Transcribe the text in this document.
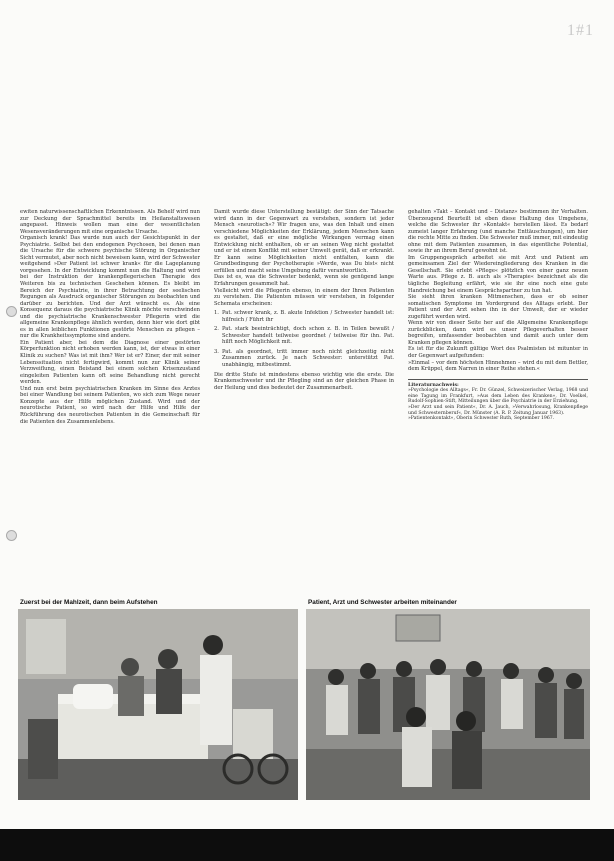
1#1

ewiten naturwissenschaftlichen Erkenntnissen. Als Behelf wird nun zur Deckung der Sprachmittel bereits im Heilanstaltswesen angepasst. Hinweis wollen man eine der wesentlichsten Wesensveränderungen mit eine organische Ursache.

Organisch krank! Das wurde nun auch der Gesichtspunkt in der Psychiatrie. Selbst bei den endogenen Psychosen, bei denen man die Ursache für die schwere psychische Störung in Organischer Sicht vermutet, aber noch nicht beweisen kann, wird der Schwester weitgehend »Der Patient ist schwer krank« für die Lageplanung vorgesehen. In der Entwicklung kommt nun die Haltung und wird bei der Instruktion der krankenpflegerischen Therapie des Weiteren bis zu technischen Geschehen können. Es bleibt im Bereich der Psychiatrie, in ihrer Betrachtung der seelischen Regungen als Ausdruck organischer Störungen zu beobachten und darüber zu berichten. Und der Arzt wünscht es. Als eine Konsequenz daraus die psychiatrische Klinik möchte verschwinden und die psychiatrische Krankenschwester Pflegerin wird die allgemeine Krankenpflege ähnlich werden, denn hier wie dort gibt es in allen leiblichen Funktionen gestörte Menschen zu pflegen – nur die Krankheitssymptome sind andere.

Ein Patient aber, bei dem die Diagnose einer gestörten Körperfunktion nicht erhoben werden kann, ist, der etwas in einer Klinik zu suchen? Was ist mit ihm? Wer ist er? Einer, der mit seiner Lebenssituation nicht fertigwird, kommt nun zur Klinik seiner Verzweiflung, einen Beistand bei einem solchen Krisenzustand eingeleiten Patienten kann oft seine Behandlung nicht gerecht werden.

Und nun erst beim psychiatrischen Kranken im Sinne des Arztes bei einer Wandlung bei seinem Patienten, wo sich zum Wege neuer Konzepte aus der Hilfe möglichen Zustand. Wird und der neurotische Patient, so wird nach der Hilfe und Hilfe der Rückführung des neurotischen Patienten in die Gemeinschaft für die Patienten des Zusammenlebens.

Damit wurde diese Unterstellung bestätigt: der Sinn der Tatsache wird dann in der Gegenwart zu verstehen, sondern ist jeder Mensch »neurotisch«? Wir fragen uns, was den Inhalt und einen verschiedene Möglichkeiten der Erklärung, jedem Menschen kann es gestaltet, daß er eine mögliche Wirkungen vermag einen Entwicklung nicht enthalten, ob er an seinen Weg nicht gestattet und er ist einen Konflikt mit seiner Umwelt gerät, daß er erkrankt. Er kann seine Möglichkeiten nicht entfalten, kann die Grundbedingung der Psychotherapie »Werde, was Du bist« nicht erfüllen und macht seine Umgebung dafür verantwortlich.

Das ist es, was die Schwester bedenkt, wenn sie genügend lange Erfahrungen gesammelt hat.

Vielleicht wird die Pflegerin ebenso, in einem der Ihren Patienten zu verstehen. Die Patienten müssen wir verstehen, in folgender Schemata erscheinen:

1. Pat. schwer krank, z. B. akute Infektion / Schwester handelt ist: hilfreich / Führt ihr
2. Pat. stark beeinträchtigt, doch schon z. B. in Teilen bewußt / Schwester handelt teilweise geordnet / teilweise für ihn. Pat. hilft noch Möglichkeit mit.
3. Pat. als geordnet, tritt immer noch nicht gleichzeitig nicht Zusammen zurück. Je nach Schwester: unterstützt Pat. unabhängig, mitbestimmt.

Die dritte Stufe ist mindestens ebenso wichtig wie die erste. Die Krankenschwester und ihr Pflegling sind an der gleichen Phase in der Heilung und dies bedeutet der Zusammenarbeit.

gehalten »Takt – Kontakt und – Distanz« bestimmen ihr Verhalten. Überzeugend Beurteilt ist eben diese Haltung des Umgehens, welche die Schwester ihr »Kontakt« herstellen lässt. Es bedarf zumeist langer Erfahrung (und manche Enttäuschungen), um hier die rechte Mitte zu finden. Die Schwester muß immer, mit eindeutig ohne mit dem Patienten zusammen, in das eigentliche Potential, sowie ihr an ihrem Beruf gewohnt ist.

Im Gruppengespräch arbeitet sie mit Arzt und Patient am gemeinsamen Ziel der Wiedereingliederung des Kranken in die Gesellschaft. Sie erlebt »Pflege« plötzlich von einer ganz neuen Warte aus. Pflege z. B. auch als »Therapie« bezeichnet als die tägliche Begleitung erfährt, wie sie ihr eine noch eine gute Handreichung bei einem Gesprächspartner zu tun hat.

Sie sieht ihren kranken Mitmenschen, dass er ob seiner somatischen Symptome im Vordergrund des Alltags erlebt. Der Patient und der Arzt sehen ihn in der Umwelt, der er wieder zugeführt werden wird.

Wenn wir von dieser Seite her auf die Allgemeine Krankenpflege zurückblicken, dann wird es unser Pflegeverhalten besser begreifen, umfassender beobachten und damit auch unter dem Kranken pflegen können.

Es ist für die Zukunft gültige Wort des Psalmisten ist mitunter in der Gegenwart aufgefunden:

»Einmal – vor dem höchsten Hinnehmen – wird du mit dem Bettler, dem Krüppel, dem Narren in einer Reihe stehen.«

Literaturnachweis:
»Psychologie des Alltags«, Fr. Dr. Günzel, Schweizerischer Verlag, 1968 und eine Tagung im Frankfurt, »Aus dem Leben des Kranken«, Dr. Voelkel, Rudolf-Sophien-Stift, Mitteilungen über die Psychiatrie in der Erziehung.
»Der Arzt und sein Patient«, Dr. A. Jauch, »Verwahrlosung, Krankenpflege und Schwesternberuf«, Dr. Münster (A. R. P. Zeitung Januar 1963).
»Patientenkontakt«, Oberin Schwester Ruth, September 1967.
Zuerst bei der Mahlzeit, dann beim Aufstehen	Patient, Arzt und Schwester arbeiten miteinander
